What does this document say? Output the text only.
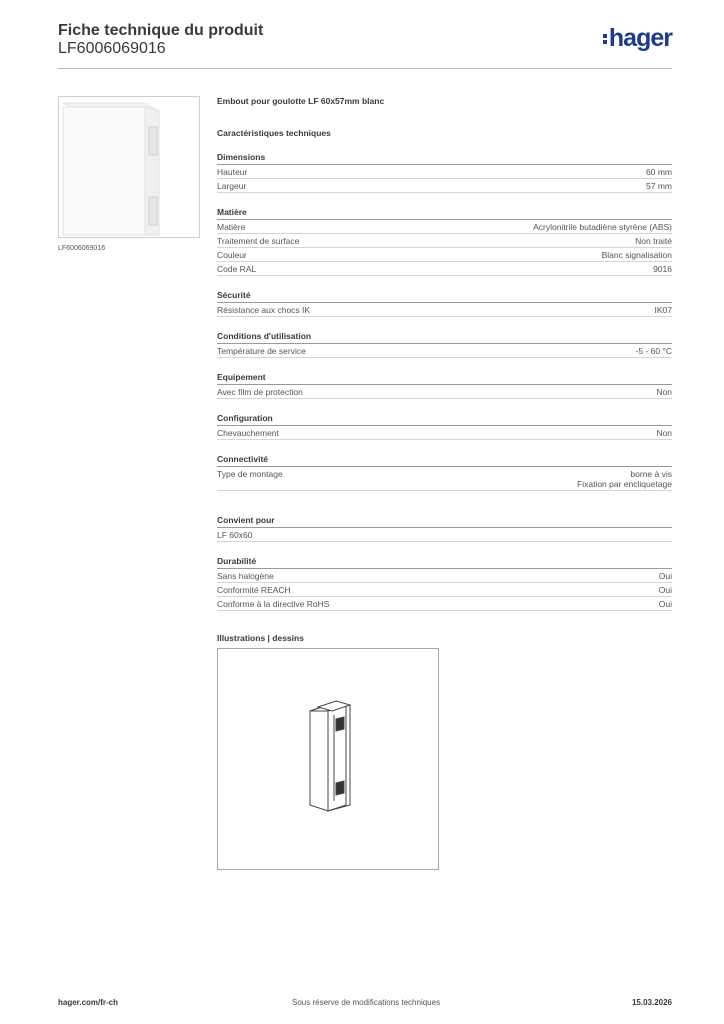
Fiche technique du produit
LF6006069016	hager
LF6006069016
Embout pour goulotte LF 60x57mm blanc
Caractéristiques techniques
Dimensions
Hauteur	60 mm
Largeur	57 mm
Matière
Matière	Acrylonitrile butadiène styrène (ABS)
Traitement de surface	Non traité
Couleur	Blanc signalisation
Code RAL	9016
Sécurité
Résistance aux chocs IK	IK07
Conditions d'utilisation
Température de service	-5 - 60 °C
Equipement
Avec film de protection	Non
Configuration
Chevauchement	Non
Connectivité
Type de montage	borne à vis
Fixation par encliquetage
Convient pour
LF 60x60
Durabilité
Sans halogène	Oui
Conformité REACH	Oui
Conforme à la directive RoHS	Oui
Illustrations | dessins
hager.com/fr-ch	Sous réserve de modifications techniques	15.03.2026
